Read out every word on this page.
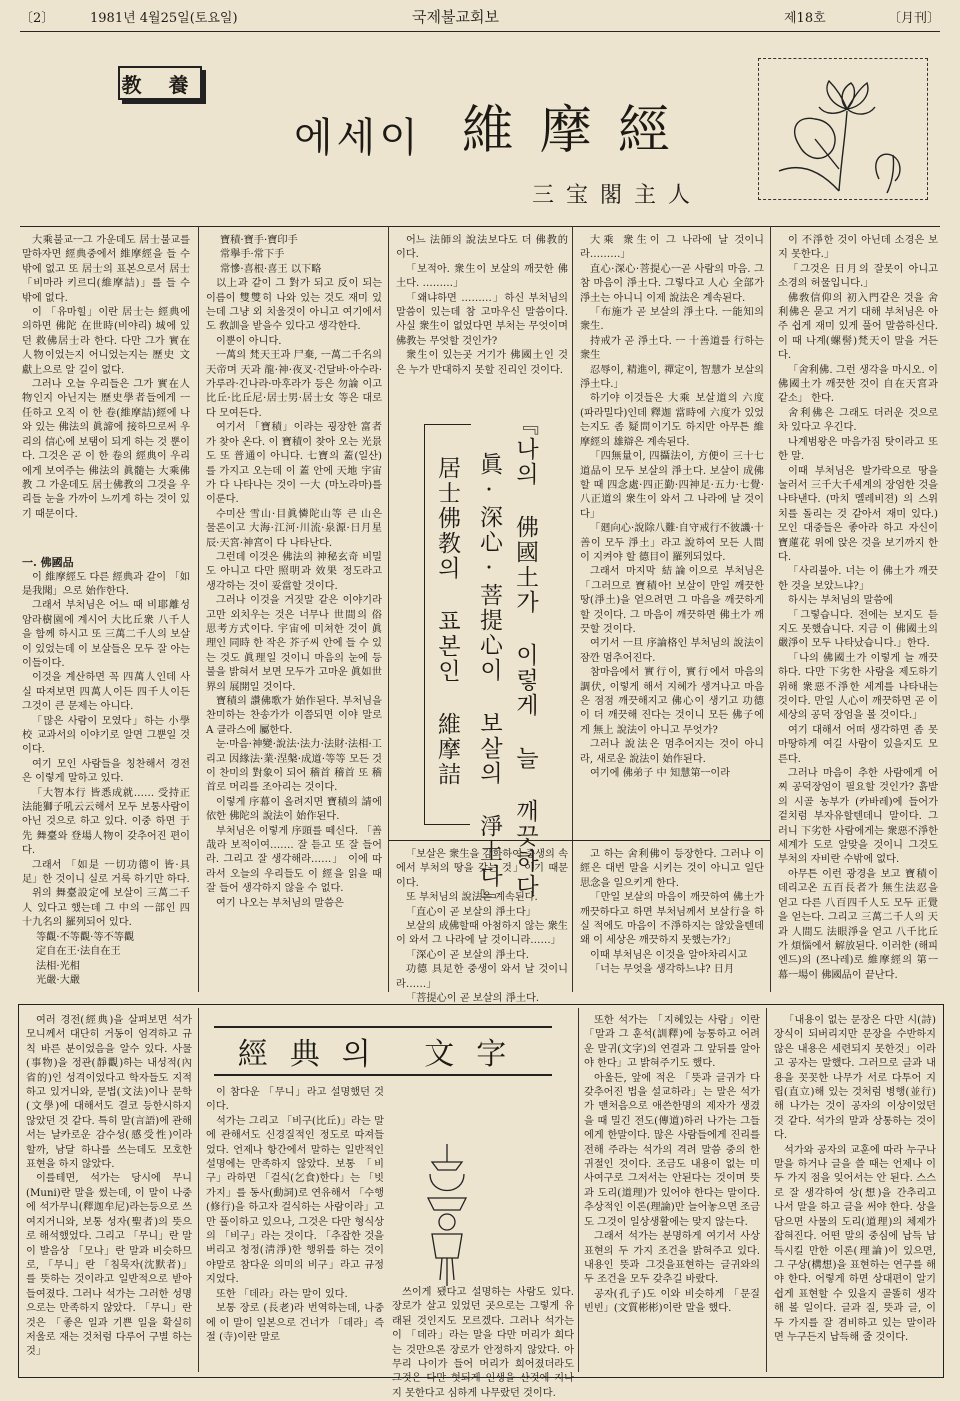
〔2〕	1981년 4월25일(토요일)	국제불교회보	제18호	〔月刊〕
教 養
에세이 維摩經
三宝閣主人

大乘불교ㅡ그 가운데도 居士불교를 말하자면 經典중에서 維摩經을 들 수 밖에 없고 또 居士의 표본으로서 居士「비마라 키르디(維摩詰)」를 들 수 밖에 없다.

이 「유마힐」이란 居士는 經典에 의하면 佛陀 在世時(비야리) 城에 있던 救佛居士라 한다. 다만 그가 實在人物이었는지 어니었는지는 歷史 文獻上으로 알 길이 없다.

그러나 오늘 우리들은 그가 實在人物인지 아닌지는 歷史學者들에게 ㅡ任하고 오직 이 한 卷(維摩詰)經에 나와 있는 佛法의 眞諦에 接하므로써 우리의 信心에 보탬이 되게 하는 것 뿐이다. 그것은 곧 이 한 卷의 經典이 우리에게 보여주는 佛法의 眞髓는 大乘佛教 그 가운데도 居士佛教의 그것을 우리들 눈을 가까이 느끼게 하는 것이 있기 때문이다.

一. 佛國品

이 維摩經도 다른 經典과 같이 「如是我聞」으로 始作한다.

그래서 부처님은 어느 때 비耶離성 암라樹園에 계시어 大比丘衆 八千人을 함께 하시고 또 三萬二千人의 보살이 있었는데 이 보살들은 모두 잘 아는 이들이다.

이것을 계산하면 꼭 四萬人인데 사실 따져보면 四萬人이든 四千人이든 그것이 큰 문제는 아니다.

「많은 사람이 모였다」하는 小學校 교과서의 이야기로 알면 그뿐일 것이다.

여기 모인 사람들을 칭찬해서 경전은 이렇게 말하고 있다.

「大智本行 皆悉成就…… 受持正法能獅子吼云云해서 모두 보통사람이 아닌 것으로 하고 있다. 이중 하면 于先 舞臺와 登場人物이 갖추어진 편이다.

그래서 「如是 ㅡ切功德이 皆·具足」한 것이니 실로 거룩 하기만 하다.

위의 舞臺設定에 보살이 三萬二千人 있다고 했는데 그 中의 ㅡ部인 四十九名의 羅列되어 있다.

等觀·不等觀·等不等觀

定自在王·法自在王

法相·光相

光嚴·大嚴

寶積·寶手·寶印手

常擧手·常下手

常慘·喜根·喜王 以下略

以上과 같이 그 對가 되고 反이 되는 이름이 雙雙히 나와 있는 것도 재미 있는데 그냥 외 치울것이 아니고 여기에서도 敎訓을 받을수 있다고 생각한다.

이뿐이 아니다.

ㅡ萬의 梵天王과 尸棄, ㅡ萬二千名의 天帝며 天과 龍·神·夜叉·건달바·아수라·가루라·긴나라·마후라가 등은 勿論 이고 比丘·比丘尼·居士男·居士女 等은 대로 다 모여든다.

여기서 「寶積」이라는 굉장한 富者가 찾아 온다. 이 寶積이 찾아 오는 光景도 또 普通이 아니다. 七寶의 蓋(일산)를 가지고 오는데 이 蓋 안에 天地 宇宙가 다 나타나는 것이 ㅡ大 (마노라마)를 이룬다.

수미산 雪山·目眞憐陀山等 큰 山은 물론이고 大海·江河·川流·泉源·日月星辰·天宮·神宮이 다 나타난다.

그런데 이것은 佛法의 神秘玄奇 비밀도 아니고 다만 照明과 效果 정도라고 생각하는 것이 妥當할 것이다.

그러나 이것을 거짓말 같은 이야기라고만 외치우는 것은 너무나 世間의 俗 思考方式이다. 宇宙에 미쳐한 것이 眞理인 同時 한 작은 芥子씨 안에 들 수 있는 것도 眞理일 것이니 마음의 눈에 등불을 밝혀서 보면 모두가 고마운 眞如世界의 展開일 것이다.

寶積의 讚佛歌가 始作된다. 부처님을 찬미하는 찬송가가 이쯤되면 이야 말로 A 클라스에 屬한다.

눈·마음·神變·說法·法力·法財·法相·工리고 因緣法·業·涅槃·成道·等等 모든 것이 찬미의 對象이 되어 稽首 稽首 또 稽首로 머리를 조아리는 것이다.

이렇게 序幕이 올려지면 寶積의 請에 依한 佛陀의 說法이 始作된다.

부처님은 이렇게 序頭를 떼신다. 「善哉라 보적이여……. 잘 듣고 또 잘 들어라. 그리고 잘 생각해라……」 이에 따라서 오늘의 우리들도 이 經을 읽을 때 잘 들어 생각하지 않을 수 없다.

여기 나오는 부처님의 말씀은

어느 法師의 說法보다도 더 佛教的이다.

「보적아. 衆生이 보살의 깨끗한 佛土다. ………」

「왜냐하면 ………」하신 부처님의 말씀이 있는데 참 고마우신 말씀이다. 사실 衆生이 없었다면 부처는 무엇이며 佛教는 무엇할 것인가?

衆生이 있는곳 거기가 佛國土인 것은 누가 반대하지 못할 진리인 것이다.

『나의 佛國土가 이렇게 늘 깨끗하다
眞·深心·菩提心이 보살의 淨土다』
居士佛教의 표본인 維摩詰

「보살은 衆生을 감화하여 중생의 속에서 부처의 땅을 갖는 것」이기 때문이다.

또 부처님의 說法은 계속된다.

「直心이 곧 보살의 淨土다」

보살의 成佛할때 아첨하지 않는 衆生이 와서 그 나라에 날 것이니라……」

「深心이 곧 보살의 淨土다.

功德 具足한 중생이 와서 날 것이니라……」

「菩提心이 곧 보살의 淨土다.

大乘 衆生이 그 나라에 날 것이니라………」

直心·深心·菩提心ㅡ곧 사람의 마음. 그 참 마음이 淨土다. 그렇다고 人心 全部가 淨土는 아니니 이제 說法은 계속된다.

「布施가 곧 보살의 淨土다. ㅡ能知의 衆生.

持戒가 곧 淨土다. ㅡ 十善道를 行하는 衆生

忍辱이, 精進이, 禪定이, 智慧가 보살의 淨土다.」

하기야 이것들은 大乘 보살道의 六度(파라밀다)인데 釋迦 當時에 六度가 있었는지도 좀 疑問이기도 하지만 아무튼 維摩經의 雄辯은 계속된다.

「四無量이, 四攝法이, 方便이 三十七道品이 모두 보살의 淨土다. 보살이 成佛할 때 四念處·四正勤·四神足·五力·七覺·八正道의 衆生이 와서 그 나라에 날 것이다」

「廻向心·說除八難·自守戒行不彼譏·十善이 모두 淨土」라고 說하여 모든 人間이 지켜야 할 德目이 羅列되었다.

그래서 마지막 結論이으로 부처님은 「그러므로 寶積아! 보살이 만일 깨끗한 땅(淨土)을 얻으려면 그 마음을 깨끗하게 할 것이다. 그 마음이 깨끗하면 佛土가 깨끗할 것이다.

여기서 ㅡ旦 序論格인 부처님의 說法이 잠깐 멈추어진다.

참마음에서 實行이, 實行에서 마음의 調伏, 이렇게 해서 지혜가 생겨나고 마음은 점점 깨끗해지고 佛心이 생기고 功德이 더 깨끗해 진다는 것이니 모든 佛子에게 無上 說法이 아니고 무엇가?

그러나 說法은 멈추어지는 것이 아니라, 새로운 說法이 始作된다.

여기에 佛弟子 中 知慧第ㅡ이라

고 하는 舍利佛이 등장한다. 그러나 이 經은 대번 말을 시키는 것이 아니고 일단 思念을 일으키게 한다.

「만일 보살의 마음이 깨끗하여 佛土가 깨끗하다고 하면 부처님께서 보살行을 하실 적에도 마음이 不淨하지는 않았을텐데 왜 이 세상은 깨끗하지 못했는가?」

이때 부처님은 이것을 알아차리시고

「너는 무엇을 생각하느냐? 日月

이 不淨한 것이 아닌데 소경은 보지 못한다.」

「그것은 日月의 잘못이 아니고 소경의 허물입니다.」

佛敎信仰의 初入門같은 것을 舍利佛은 묻고 거기 대해 부처님은 아주 쉽게 재미 있게 풀어 말씀하신다. 이 때 나계(螺髻)梵天이 말을 거든다.

「舍利佛. 그런 생각을 마시오. 이 佛國土가 깨끗한 것이 自在天宮과 같소」 한다.

舍利佛은 그래도 더러운 것으로 차 있다고 우긴다.

나계범왕은 마음가짐 탓이라고 또 한 말.

이때 부처님은 발가락으로 땅을 눌러서 三千大千세계의 장엄한 것을 나타낸다. (마치 멜레비젼) 의 스위치를 돌리는 것 같아서 재미 있다.) 모인 대중들은 좋아라 하고 자신이 寶蓮花 위에 앉은 것을 보기까지 한다.

「사리불아. 너는 이 佛土가 깨끗한 것을 보았느냐?」

하시는 부처님의 말씀에

「그렇습니다. 전에는 보지도 듣지도 못했습니다. 지금 이 佛國土의 嚴淨이 모두 나타났습니다.」한다.

「나의 佛國土가 이렇게 늘 깨끗하다. 다만 下劣한 사람을 제도하기 위해 衆惡不淨한 세계를 나타내는 것이다. 만일 人心이 깨끗하면 곧 이 세상의 공덕 장엄을 볼 것이다.」

여기 대해서 어떠 생각하면 좀 못마땅하게 여길 사람이 있을지도 모른다.

그러나 마음이 추한 사람에게 어찌 공덕장엄이 필요할 것인가? 흙밭의 시골 농부가 (카바레)에 들어가 겉치럼 부자유할텐데니 말이다. 그러니 下劣한 사람에게는 衆惡不淨한 세계가 도로 알맞을 것이니 그것도 부처의 자비란 수밖에 없다.

아무튼 이런 광경을 보고 寶積이 데리고온 五百長者가 無生法忍을 얻고 다른 八百四千人도 모두 正覺을 얻는다. 그리고 三萬二千人의 天과 人間도 法眼淨을 얻고 八千比丘가 煩惱에서 解放된다. 이러한 (해피 엔드)의 (쯔나레)로 維摩經의 第ㅡ幕ㅡ場이 佛國品이 끝난다.

經典의 文字

여러 경전(經典)을 살펴보면 석가모니께서 대단히 거동이 엄격하고 규칙 바른 분이었음을 알수 있다. 사물(事物)을 정관(靜觀)하는 내성적(內省的)인 성격이었다고 학자들도 지적하고 있거니와, 문법(文法)이나 문학(文學)에 대해서도 결코 등한시하지 않았던 것 같다. 특히 말(言語)에 관해서는 날카로운 감수성(感受性)이라 할까, 남달 하나를 쓰는데도 모호한 표현을 하지 않았다.

이를테면, 석가는 당시에 무니(Muni)란 말을 썼는데, 이 말이 나중에 석가무니(釋迦牟尼)라는등으로 쓰여지거니와, 보통 성자(聖者)의 뜻으로 해석했었다. 그리고 「무니」란 말이 발음상 「모나」란 말과 비슷하므로, 「무니」란 「침묵자(沈默者)」를 뜻하는 것이라고 일반적으로 받아들여졌다. 그러나 석가는 그러한 성명으로는 만족하지 않았다. 「무니」란 것은 「좋은 일과 기쁜 일을 확실히 저울로 재는 것처럼 다루어 구별 하는 것」

이 참다운 「무니」라고 설명했던 것이다.

석가는 그리고 「비구(比丘)」라는 말에 관해서도 신경질적인 정도로 따져들었다. 언제나 항간에서 말하는 일반적인 설명에는 만족하지 않았다. 보통 「비구」라하면 「걸식(乞食)한다」는 「빗가지」를 동사(動詞)로 연유해서 「수행(修行)을 하고자 걸식하는 사람이라」고만 풀이하고 있으나, 그것은 다만 형식상의 「비구」라는 것이다. 「추잡한 것을 버리고 청정(淸淨)한 행위를 하는 것이야말로 참다운 의미의 비구」라고 규정지었다.

또한 「데라」라는 말이 있다.

보통 장로 (長老)라 번역하는데, 나중에 이 말이 일본으로 건너가 「데라」즉 절 (寺)이란 말로

쓰이게 됐다고 설명하는 사람도 있다. 장로가 살고 있었던 곳으로는 그렇게 유래된 것인지도 모르겠다. 그러나 석가는 이 「데라」라는 말을 다만 머리가 희다는 것만으론 장로가 안정하지 않았다. 아무리 나이가 들어 머리가 희어졌더라도 그것은 다만 헛되게 인생을 산것에 지나지 못한다고 심하게 나무랐던 것이다.

또한 석가는 「지혜있는 사람」이란 「말과 그 훈석(訓釋)에 능통하고 어려운 말귀(文字)의 연결과 그 앞뒤를 알아야 한다」고 밝혀주기도 했다.

아울든, 앞에 적은 「뜻과 글귀가 다 갖추어진 법을 설교하라」는 말은 석가가 맨처음으로 애쓴한명의 제자가 생겼을 때 밀긴 전도(傳道)하러 나가는 그들에게 한말이다. 많은 사람들에게 진리를 전해 주라는 석가의 격려 말씀 중의 한 귀절인 것이다. 조금도 내용이 없는 미사여구로 그저서는 안된다는 것이며 뜻과 도리(道理)가 있어야 한다는 말이다. 추상적인 이론(理論)만 늘어놓으면 조금도 그것이 일상생활에는 맞지 않는다.

그래서 석가는 분명하게 여기서 사상표현의 두 가지 조건을 밝혀주고 있다. 내용인 뜻과 그것을표현하는 글귀와의 두 조건을 모두 갖추길 바랐다.

공자(孔子)도 이와 비슷하게 「문질빈빈」(文質彬彬)이란 말을 했다.

「내용이 없는 문장은 다만 시(詩)장식이 되버리지만 문장을 수반하지 않은 내용은 세련되지 못한것」이라고 공자는 말했다. 그러므로 글과 내용을 꼿꼿한 나무가 서로 다투어 지립(直立)해 있는 것처럼 병행(並行)해 나가는 것이 공자의 이상이었던 것 같다. 석가의 말과 상통하는 것이다.

석가와 공자의 교훈에 따라 누구나 말을 하거나 글을 쓸 때는 언제나 이 두 가지 점을 잊어서는 안 된다. 스스로 잘 생각하여 상(想)을 간추리고 나서 말을 하고 글을 써야 한다. 상을 담으면 사물의 도리(道理)의 체제가 잡혀진다. 어떤 말의 중심에 납득 납득시킬 만한 이론(理論)이 있으면, 그 구상(構想)을 표현하는 연구를 해야 한다. 어렇게 하면 상대편이 알기 쉽게 표현할 수 있을지 골똘히 생각해 볼 일이다. 글과 질, 뜻과 글, 이 두 가지를 잘 겸비하고 있는 말이라면 누구든지 납득해 줄 것이다.
